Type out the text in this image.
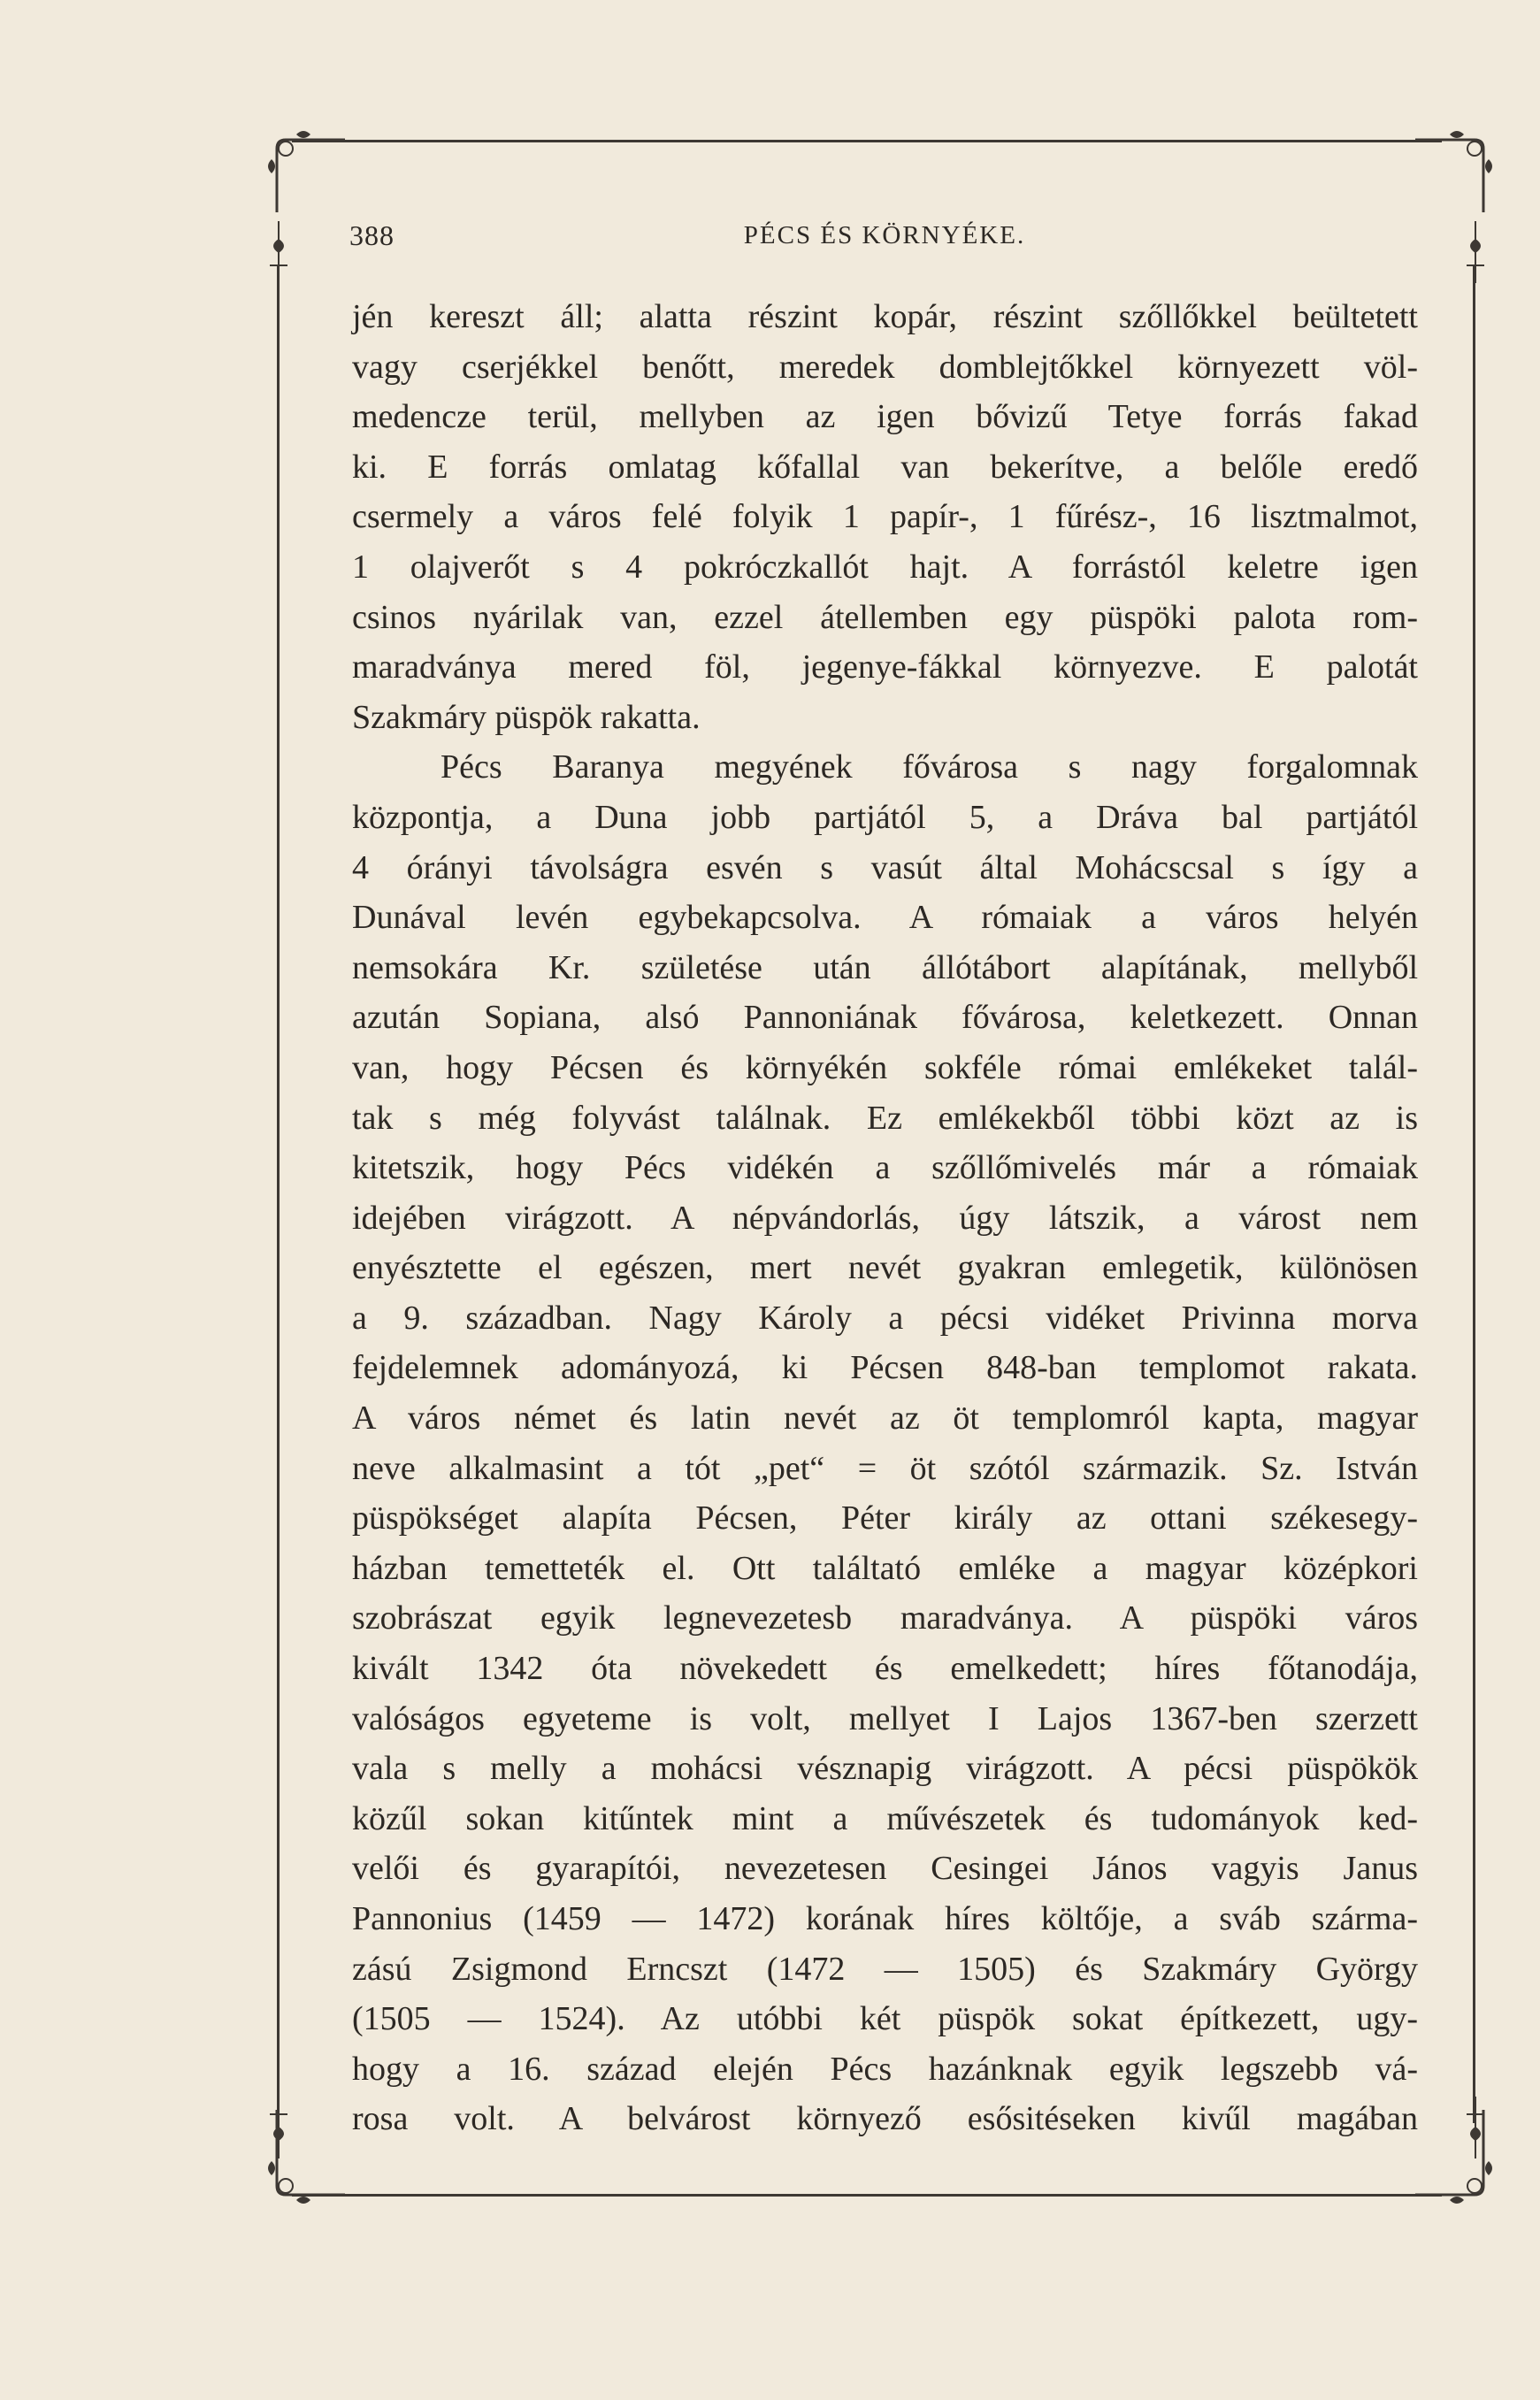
388	PÉCS ÉS KÖRNYÉKE.
jén kereszt áll; alatta részint kopár, részint szőllőkkel beültetett
vagy cserjékkel benőtt, meredek domblejtőkkel környezett völ-
medencze terül, mellyben az igen bővizű Tetye forrás fakad
ki. E forrás omlatag kőfallal van bekerítve, a belőle eredő
csermely a város felé folyik 1 papír-, 1 fűrész-, 16 lisztmalmot,
1 olajverőt s 4 pokróczkallót hajt. A forrástól keletre igen
csinos nyárilak van, ezzel átellemben egy püspöki palota rom-
maradványa mered föl, jegenye-fákkal környezve. E palotát
Szakmáry püspök rakatta.
Pécs Baranya megyének fővárosa s nagy forgalomnak
központja, a Duna jobb partjától 5, a Dráva bal partjától
4 órányi távolságra esvén s vasút által Mohácscsal s így a
Dunával levén egybekapcsolva. A rómaiak a város helyén
nemsokára Kr. születése után állótábort alapítának, mellyből
azután Sopiana, alsó Pannoniának fővárosa, keletkezett. Onnan
van, hogy Pécsen és környékén sokféle római emlékeket talál-
tak s még folyvást találnak. Ez emlékekből többi közt az is
kitetszik, hogy Pécs vidékén a szőllőmivelés már a rómaiak
idejében virágzott. A népvándorlás, úgy látszik, a várost nem
enyésztette el egészen, mert nevét gyakran emlegetik, különösen
a 9. században. Nagy Károly a pécsi vidéket Privinna morva
fejdelemnek adományozá, ki Pécsen 848-ban templomot rakata.
A város német és latin nevét az öt templomról kapta, magyar
neve alkalmasint a tót „pet“ = öt szótól származik. Sz. István
püspökséget alapíta Pécsen, Péter király az ottani székesegy-
házban temetteték el. Ott találtató emléke a magyar középkori
szobrászat egyik legnevezetesb maradványa. A püspöki város
kivált 1342 óta növekedett és emelkedett; híres főtanodája,
valóságos egyeteme is volt, mellyet I Lajos 1367-ben szerzett
vala s melly a mohácsi vésznapig virágzott. A pécsi püspökök
közűl sokan kitűntek mint a művészetek és tudományok ked-
velői és gyarapítói, nevezetesen Cesingei János vagyis Janus
Pannonius (1459 — 1472) korának híres költője, a sváb szárma-
zású Zsigmond Erncszt (1472 — 1505) és Szakmáry György
(1505 — 1524). Az utóbbi két püspök sokat építkezett, ugy-
hogy a 16. század elején Pécs hazánknak egyik legszebb vá-
rosa volt. A belvárost környező esősitéseken kivűl magában
